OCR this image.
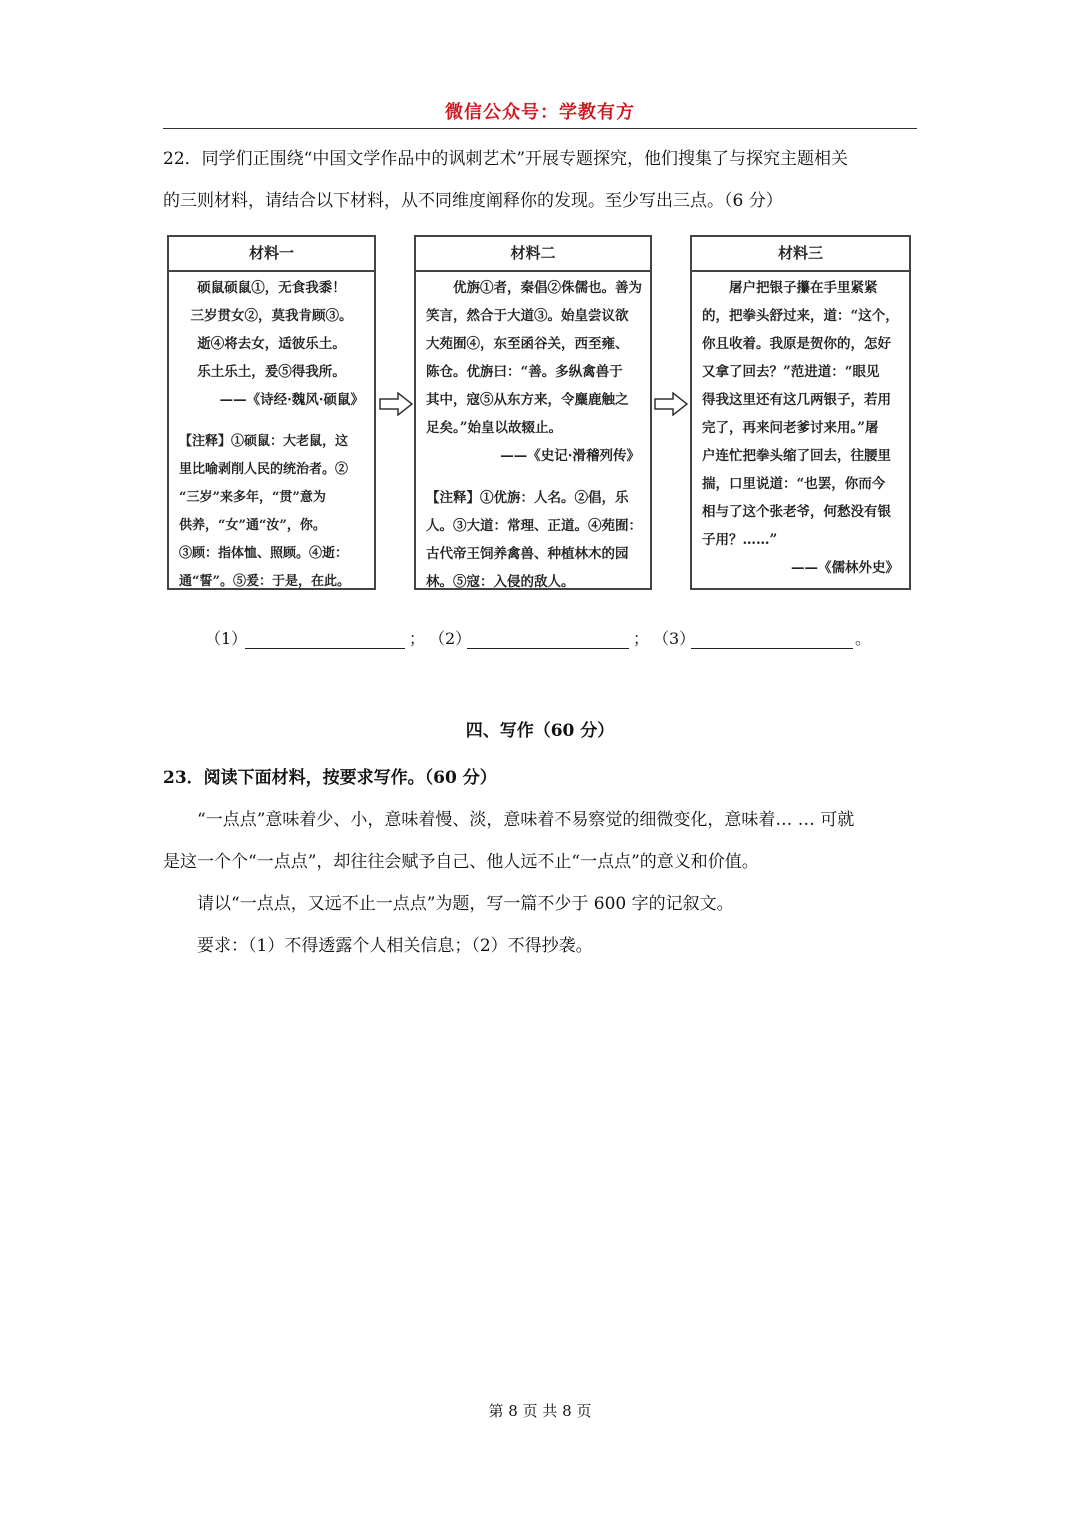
微信公众号：学教有方
22．同学们正围绕“中国文学作品中的讽刺艺术”开展专题探究，他们搜集了与探究主题相关
的三则材料，请结合以下材料，从不同维度阐释你的发现。至少写出三点。（6 分）
材料一
硕鼠硕鼠①，无食我黍！
三岁贯女②，莫我肯顾③。
逝④将去女，适彼乐土。
乐土乐土，爰⑤得我所。
——《诗经·魏风·硕鼠》
【注释】①硕鼠：大老鼠，这
里比喻剥削人民的统治者。②
“三岁”来多年，“贯”意为
供养，“女”通“汝”，你。
③顾：指体恤、照顾。④逝：
通“誓”。⑤爰：于是，在此。
材料二
优旃①者，秦倡②侏儒也。善为
笑言，然合于大道③。始皇尝议欲
大苑囿④，东至函谷关，西至雍、
陈仓。优旃曰：“善。多纵禽兽于
其中，寇⑤从东方来，令麋鹿触之
足矣。”始皇以故辍止。
——《史记·滑稽列传》
【注释】①优旃：人名。②倡，乐
人。③大道：常理、正道。④苑囿：
古代帝王饲养禽兽、种植林木的园
林。⑤寇：入侵的敌人。
材料三
屠户把银子攥在手里紧紧
的，把拳头舒过来，道：“这个，
你且收着。我原是贺你的，怎好
又拿了回去？”范进道：“眼见
得我这里还有这几两银子，若用
完了，再来问老爹讨来用。”屠
户连忙把拳头缩了回去，往腰里
揣，口里说道：“也罢，你而今
相与了这个张老爷，何愁没有银
子用？……”
——《儒林外史》
（1）	； （2）	； （3）	。
四、写作（60 分）
23．阅读下面材料，按要求写作。（60 分）
“一点点”意味着少、小，意味着慢、淡，意味着不易察觉的细微变化，意味着… … 可就
是这一个个“一点点”，却往往会赋予自己、他人远不止“一点点”的意义和价值。
请以“一点点，又远不止一点点”为题，写一篇不少于 600 字的记叙文。
要求：（1）不得透露个人相关信息；（2）不得抄袭。
第 8 页 共 8 页
